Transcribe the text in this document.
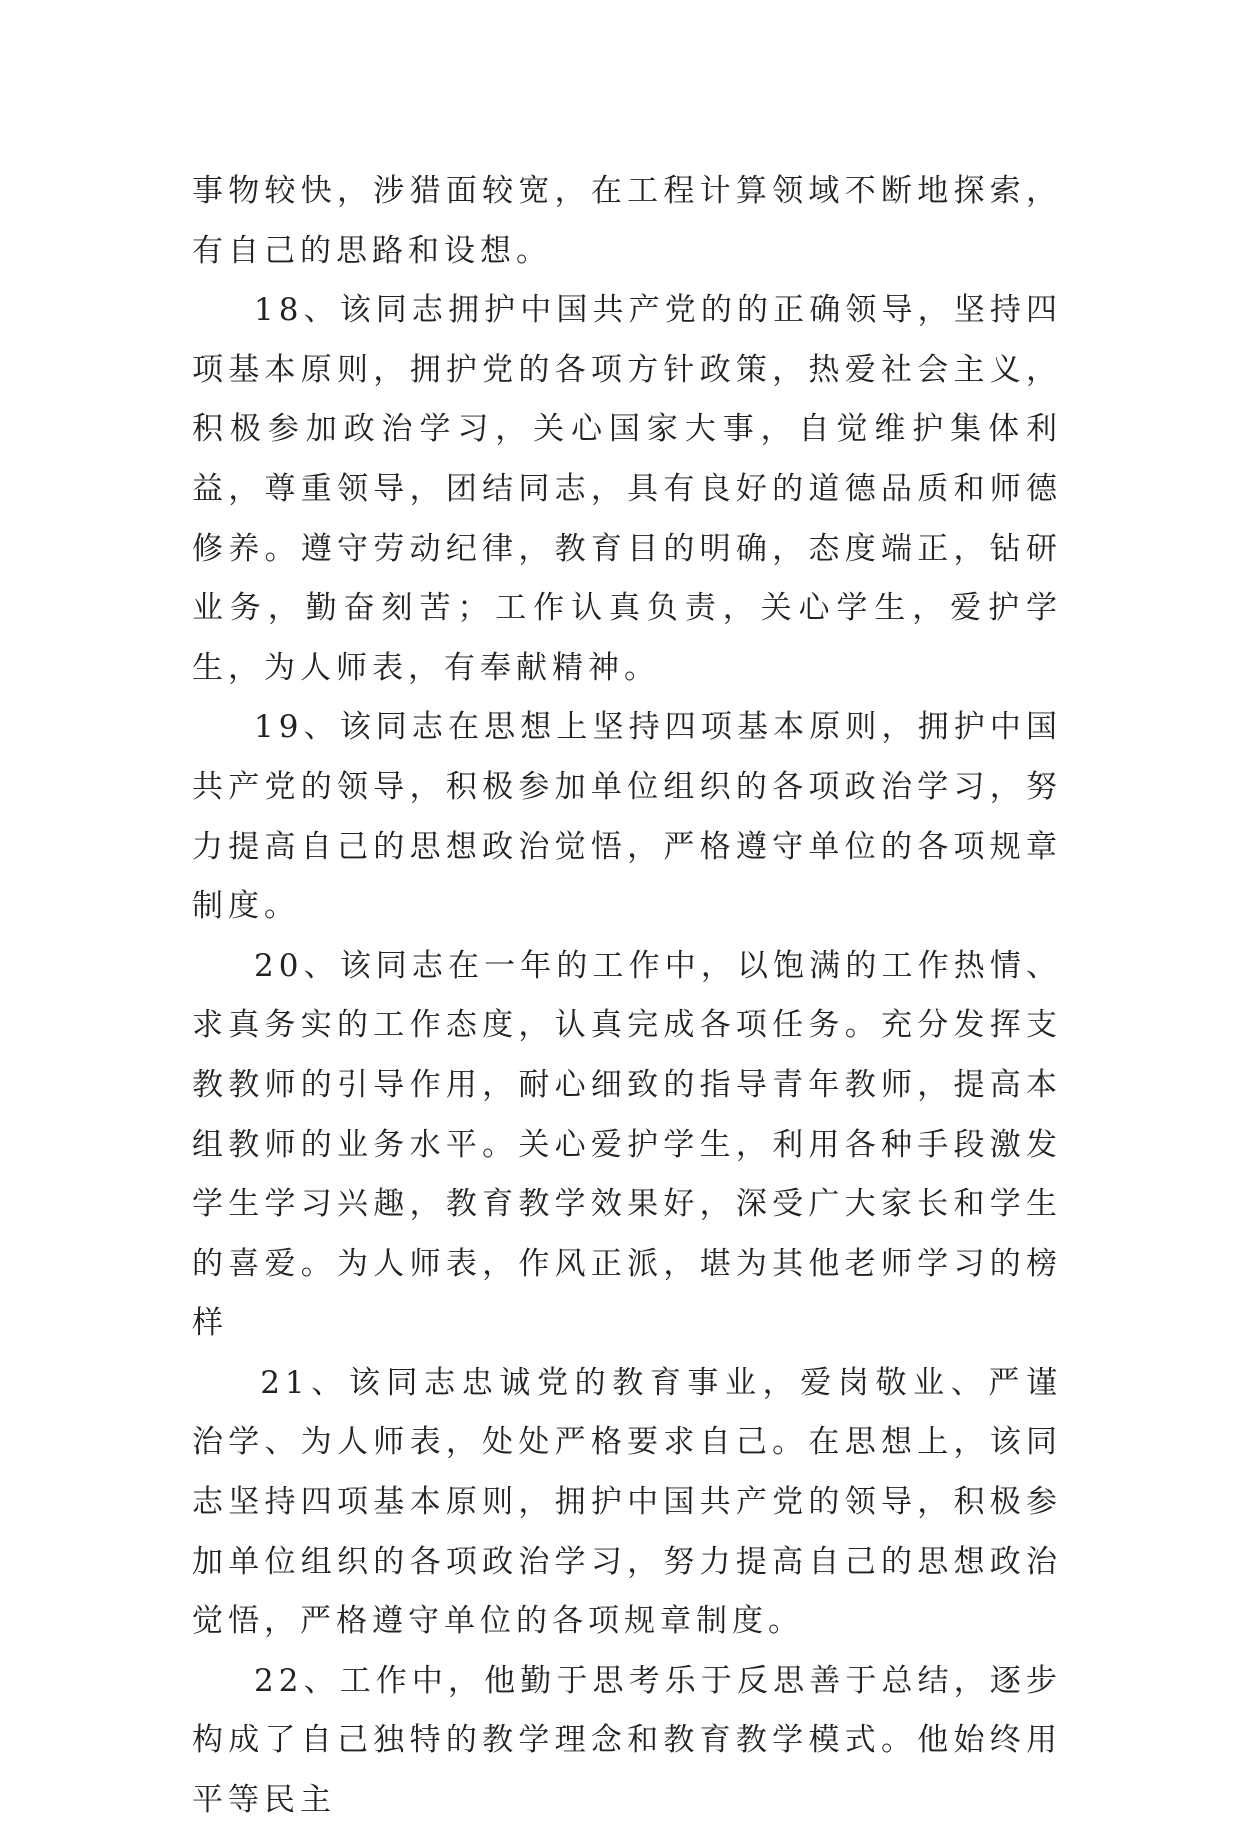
事物较快，涉猎面较宽，在工程计算领域不断地探索，有自己的思路和设想。

18、该同志拥护中国共产党的的正确领导，坚持四项基本原则，拥护党的各项方针政策，热爱社会主义，积极参加政治学习，关心国家大事，自觉维护集体利益，尊重领导，团结同志，具有良好的道德品质和师德修养。遵守劳动纪律，教育目的明确，态度端正，钻研业务，勤奋刻苦；工作认真负责，关心学生，爱护学生，为人师表，有奉献精神。

19、该同志在思想上坚持四项基本原则，拥护中国共产党的领导，积极参加单位组织的各项政治学习，努力提高自己的思想政治觉悟，严格遵守单位的各项规章制度。

20、该同志在一年的工作中，以饱满的工作热情、求真务实的工作态度，认真完成各项任务。充分发挥支教教师的引导作用，耐心细致的指导青年教师，提高本组教师的业务水平。关心爱护学生，利用各种手段激发学生学习兴趣，教育教学效果好，深受广大家长和学生的喜爱。为人师表，作风正派，堪为其他老师学习的榜样

21、该同志忠诚党的教育事业，爱岗敬业、严谨治学、为人师表，处处严格要求自己。在思想上，该同志坚持四项基本原则，拥护中国共产党的领导，积极参加单位组织的各项政治学习，努力提高自己的思想政治觉悟，严格遵守单位的各项规章制度。

22、工作中，他勤于思考乐于反思善于总结，逐步构成了自己独特的教学理念和教育教学模式。他始终用平等民主
